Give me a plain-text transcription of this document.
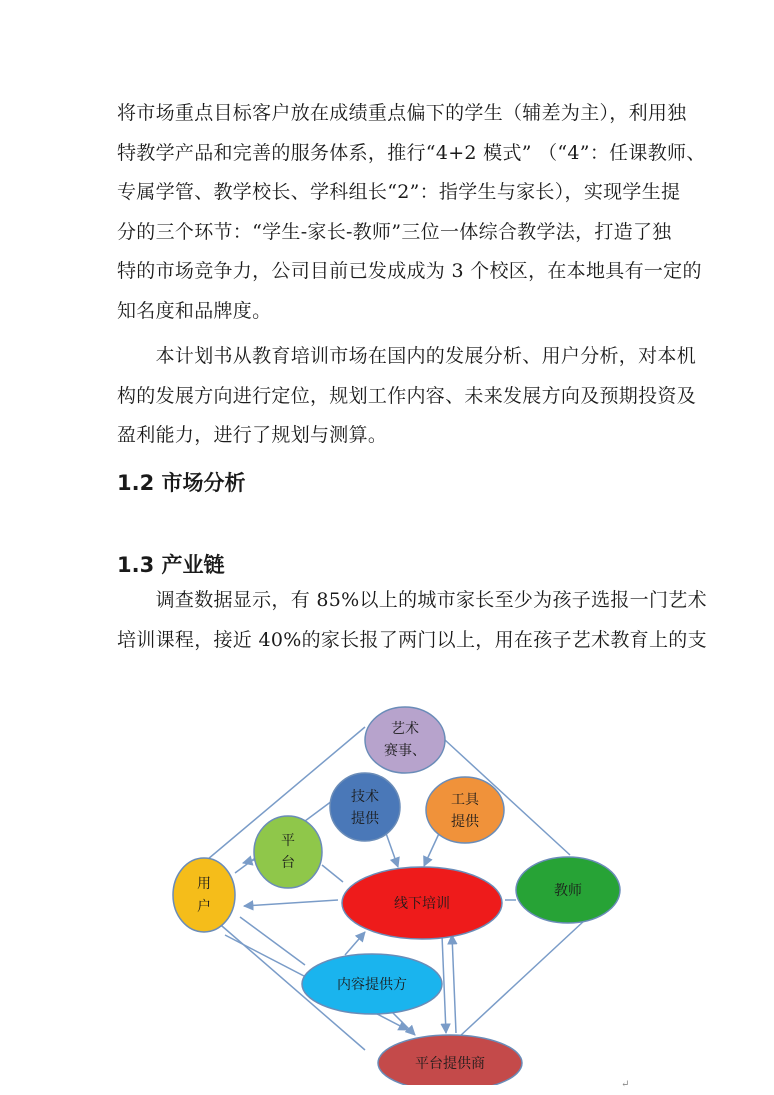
将市场重点目标客户放在成绩重点偏下的学生（辅差为主），利用独
特教学产品和完善的服务体系，推行“4+2 模式” （“4”：任课教师、
专属学管、教学校长、学科组长“2”：指学生与家长），实现学生提
分的三个环节：“学生-家长-教师”三位一体综合教学法，打造了独
特的市场竞争力，公司目前已发成成为 3 个校区，在本地具有一定的
知名度和品牌度。

　　本计划书从教育培训市场在国内的发展分析、用户分析，对本机
构的发展方向进行定位，规划工作内容、未来发展方向及预期投资及
盈利能力，进行了规划与测算。

1.2 市场分析
1.3 产业链

　　调查数据显示，有 85%以上的城市家长至少为孩子选报一门艺术
培训课程，接近 40%的家长报了两门以上，用在孩子艺术教育上的支

艺术
赛事、
技术
提供
工具
提供
平
台
用
户	线下培训
教师
内容提供方
平台提供商
↵
